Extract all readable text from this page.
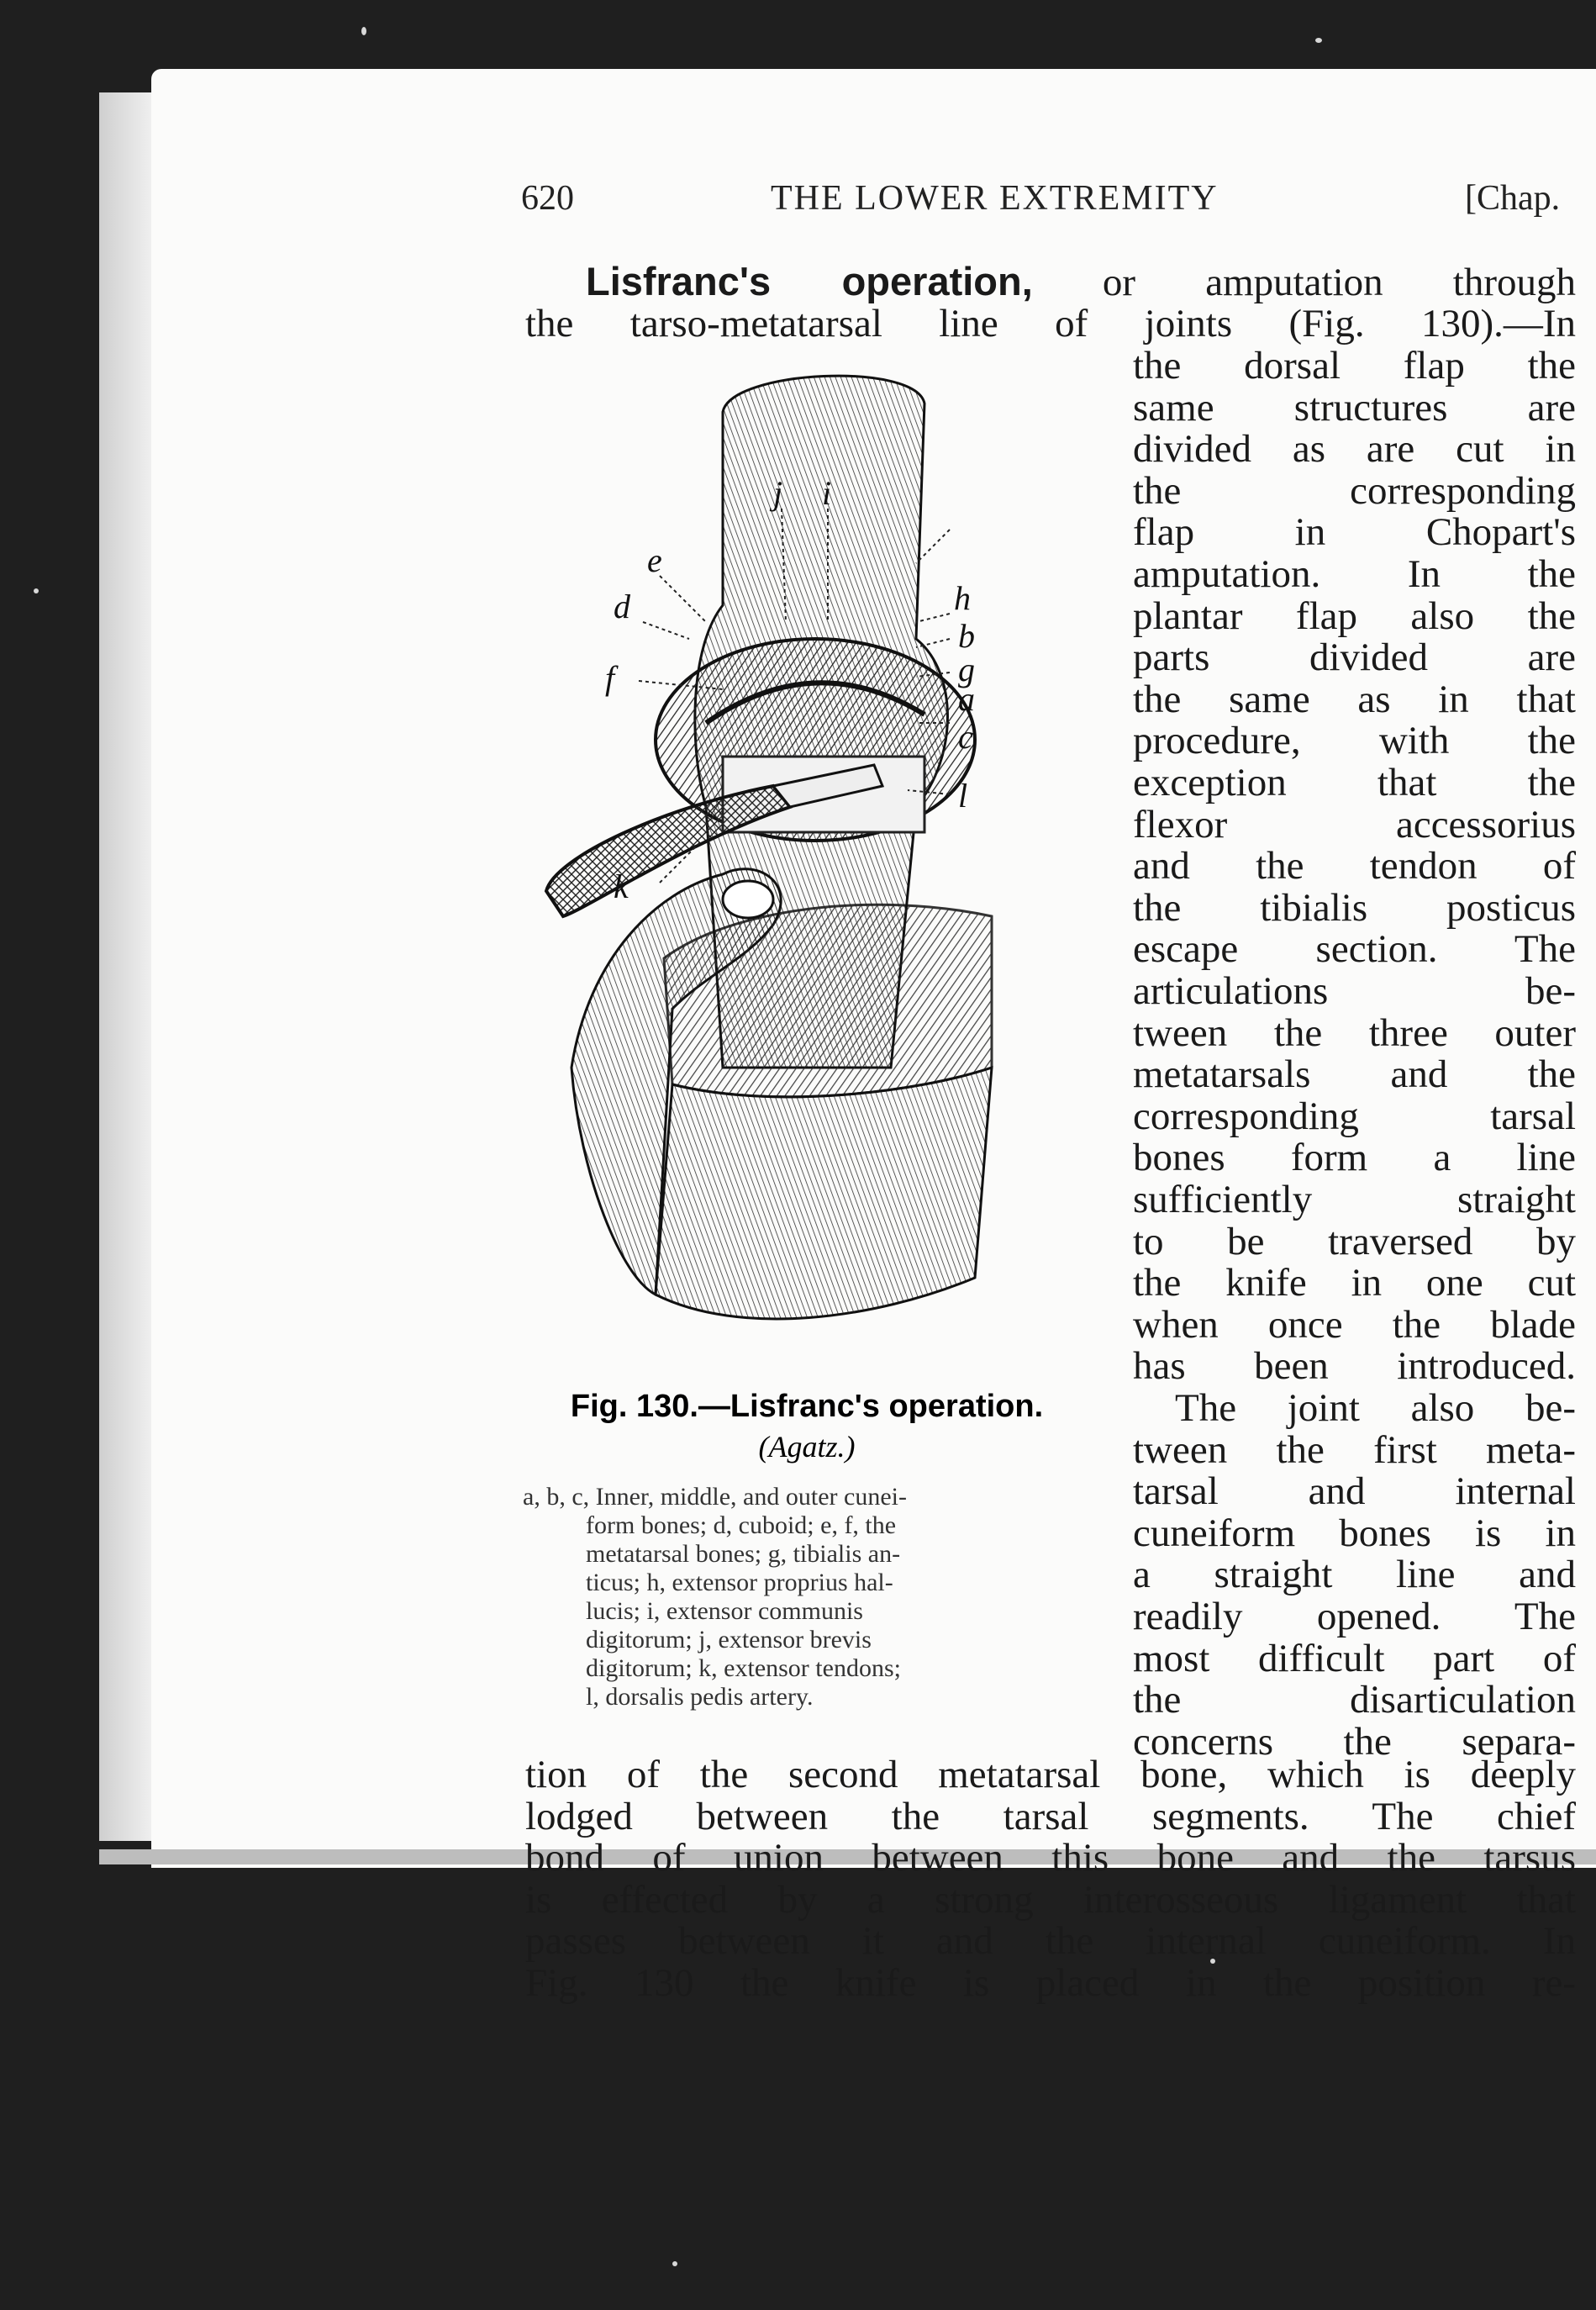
620	THE LOWER EXTREMITY	[Chap.
Lisfranc's operation, or amputation through
the tarso-metatarsal line of joints (Fig. 130).—In
the dorsal flap the
same structures are
divided as are cut in
the corresponding
flap in Chopart's
amputation. In the
plantar flap also the
parts divided are
the same as in that
procedure, with the
exception that the
flexor accessorius
and the tendon of
the tibialis posticus
escape section. The
articulations be-
tween the three outer
metatarsals and the
corresponding tarsal
bones form a line
sufficiently straight
to be traversed by
the knife in one cut
when once the blade
has been introduced.
The joint also be-
tween the first meta-
tarsal and internal
cuneiform bones is in
a straight line and
readily opened. The
most difficult part of
the disarticulation
concerns the separa-
j i
h
e
d
b
g
a
f
c
l
k
Fig. 130.—Lisfranc's operation.
(Agatz.)
a, b, c, Inner, middle, and outer cunei-
form bones; d, cuboid; e, f, the
metatarsal bones; g, tibialis an-
ticus; h, extensor proprius hal-
lucis; i, extensor communis
digitorum; j, extensor brevis
digitorum; k, extensor tendons;
l, dorsalis pedis artery.
tion of the second metatarsal bone, which is deeply
lodged between the tarsal segments. The chief
bond of union between this bone and the tarsus
is effected by a strong interosseous ligament that
passes between it and the internal cuneiform. In
Fig. 130 the knife is placed in the position re-
